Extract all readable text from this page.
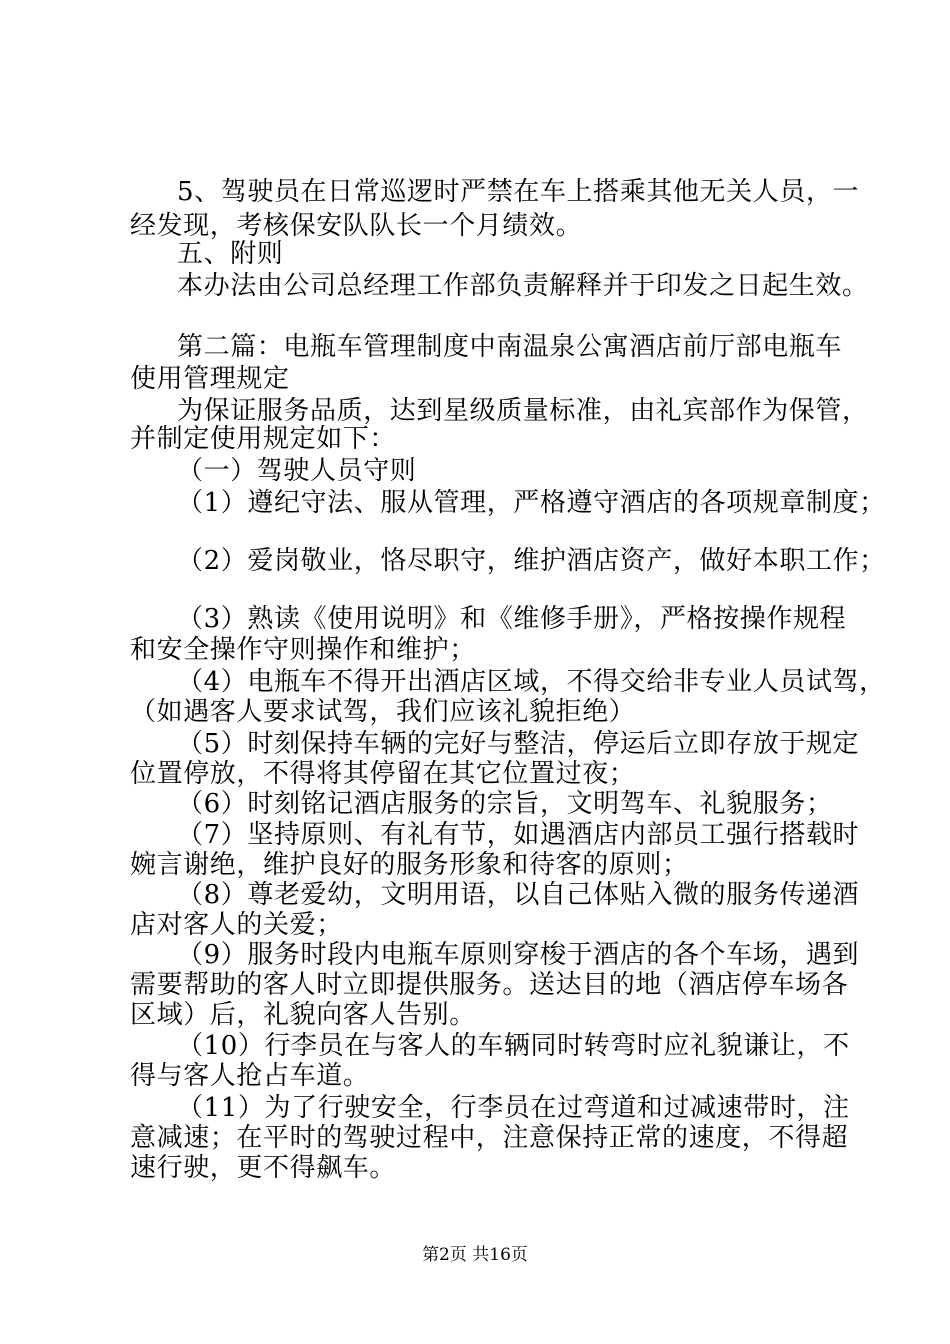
5、驾驶员在日常巡逻时严禁在车上搭乘其他无关人员，一
经发现，考核保安队队长一个月绩效。
五、附则
本办法由公司总经理工作部负责解释并于印发之日起生效。
第二篇：电瓶车管理制度中南温泉公寓酒店前厅部电瓶车
使用管理规定
为保证服务品质，达到星级质量标准，由礼宾部作为保管，
并制定使用规定如下：
（一）驾驶人员守则
（1）遵纪守法、服从管理，严格遵守酒店的各项规章制度；
（2）爱岗敬业，恪尽职守，维护酒店资产，做好本职工作；
（3）熟读《使用说明》和《维修手册》，严格按操作规程
和安全操作守则操作和维护；
（4）电瓶车不得开出酒店区域，不得交给非专业人员试驾，
（如遇客人要求试驾，我们应该礼貌拒绝）
（5）时刻保持车辆的完好与整洁，停运后立即存放于规定
位置停放，不得将其停留在其它位置过夜；
（6）时刻铭记酒店服务的宗旨，文明驾车、礼貌服务；
（7）坚持原则、有礼有节，如遇酒店内部员工强行搭载时
婉言谢绝，维护良好的服务形象和待客的原则；
（8）尊老爱幼，文明用语，以自己体贴入微的服务传递酒
店对客人的关爱；
（9）服务时段内电瓶车原则穿梭于酒店的各个车场，遇到
需要帮助的客人时立即提供服务。送达目的地（酒店停车场各
区域）后，礼貌向客人告别。
（10）行李员在与客人的车辆同时转弯时应礼貌谦让，不
得与客人抢占车道。
（11）为了行驶安全，行李员在过弯道和过减速带时，注
意减速；在平时的驾驶过程中，注意保持正常的速度，不得超
速行驶，更不得飙车。
第2页 共16页
